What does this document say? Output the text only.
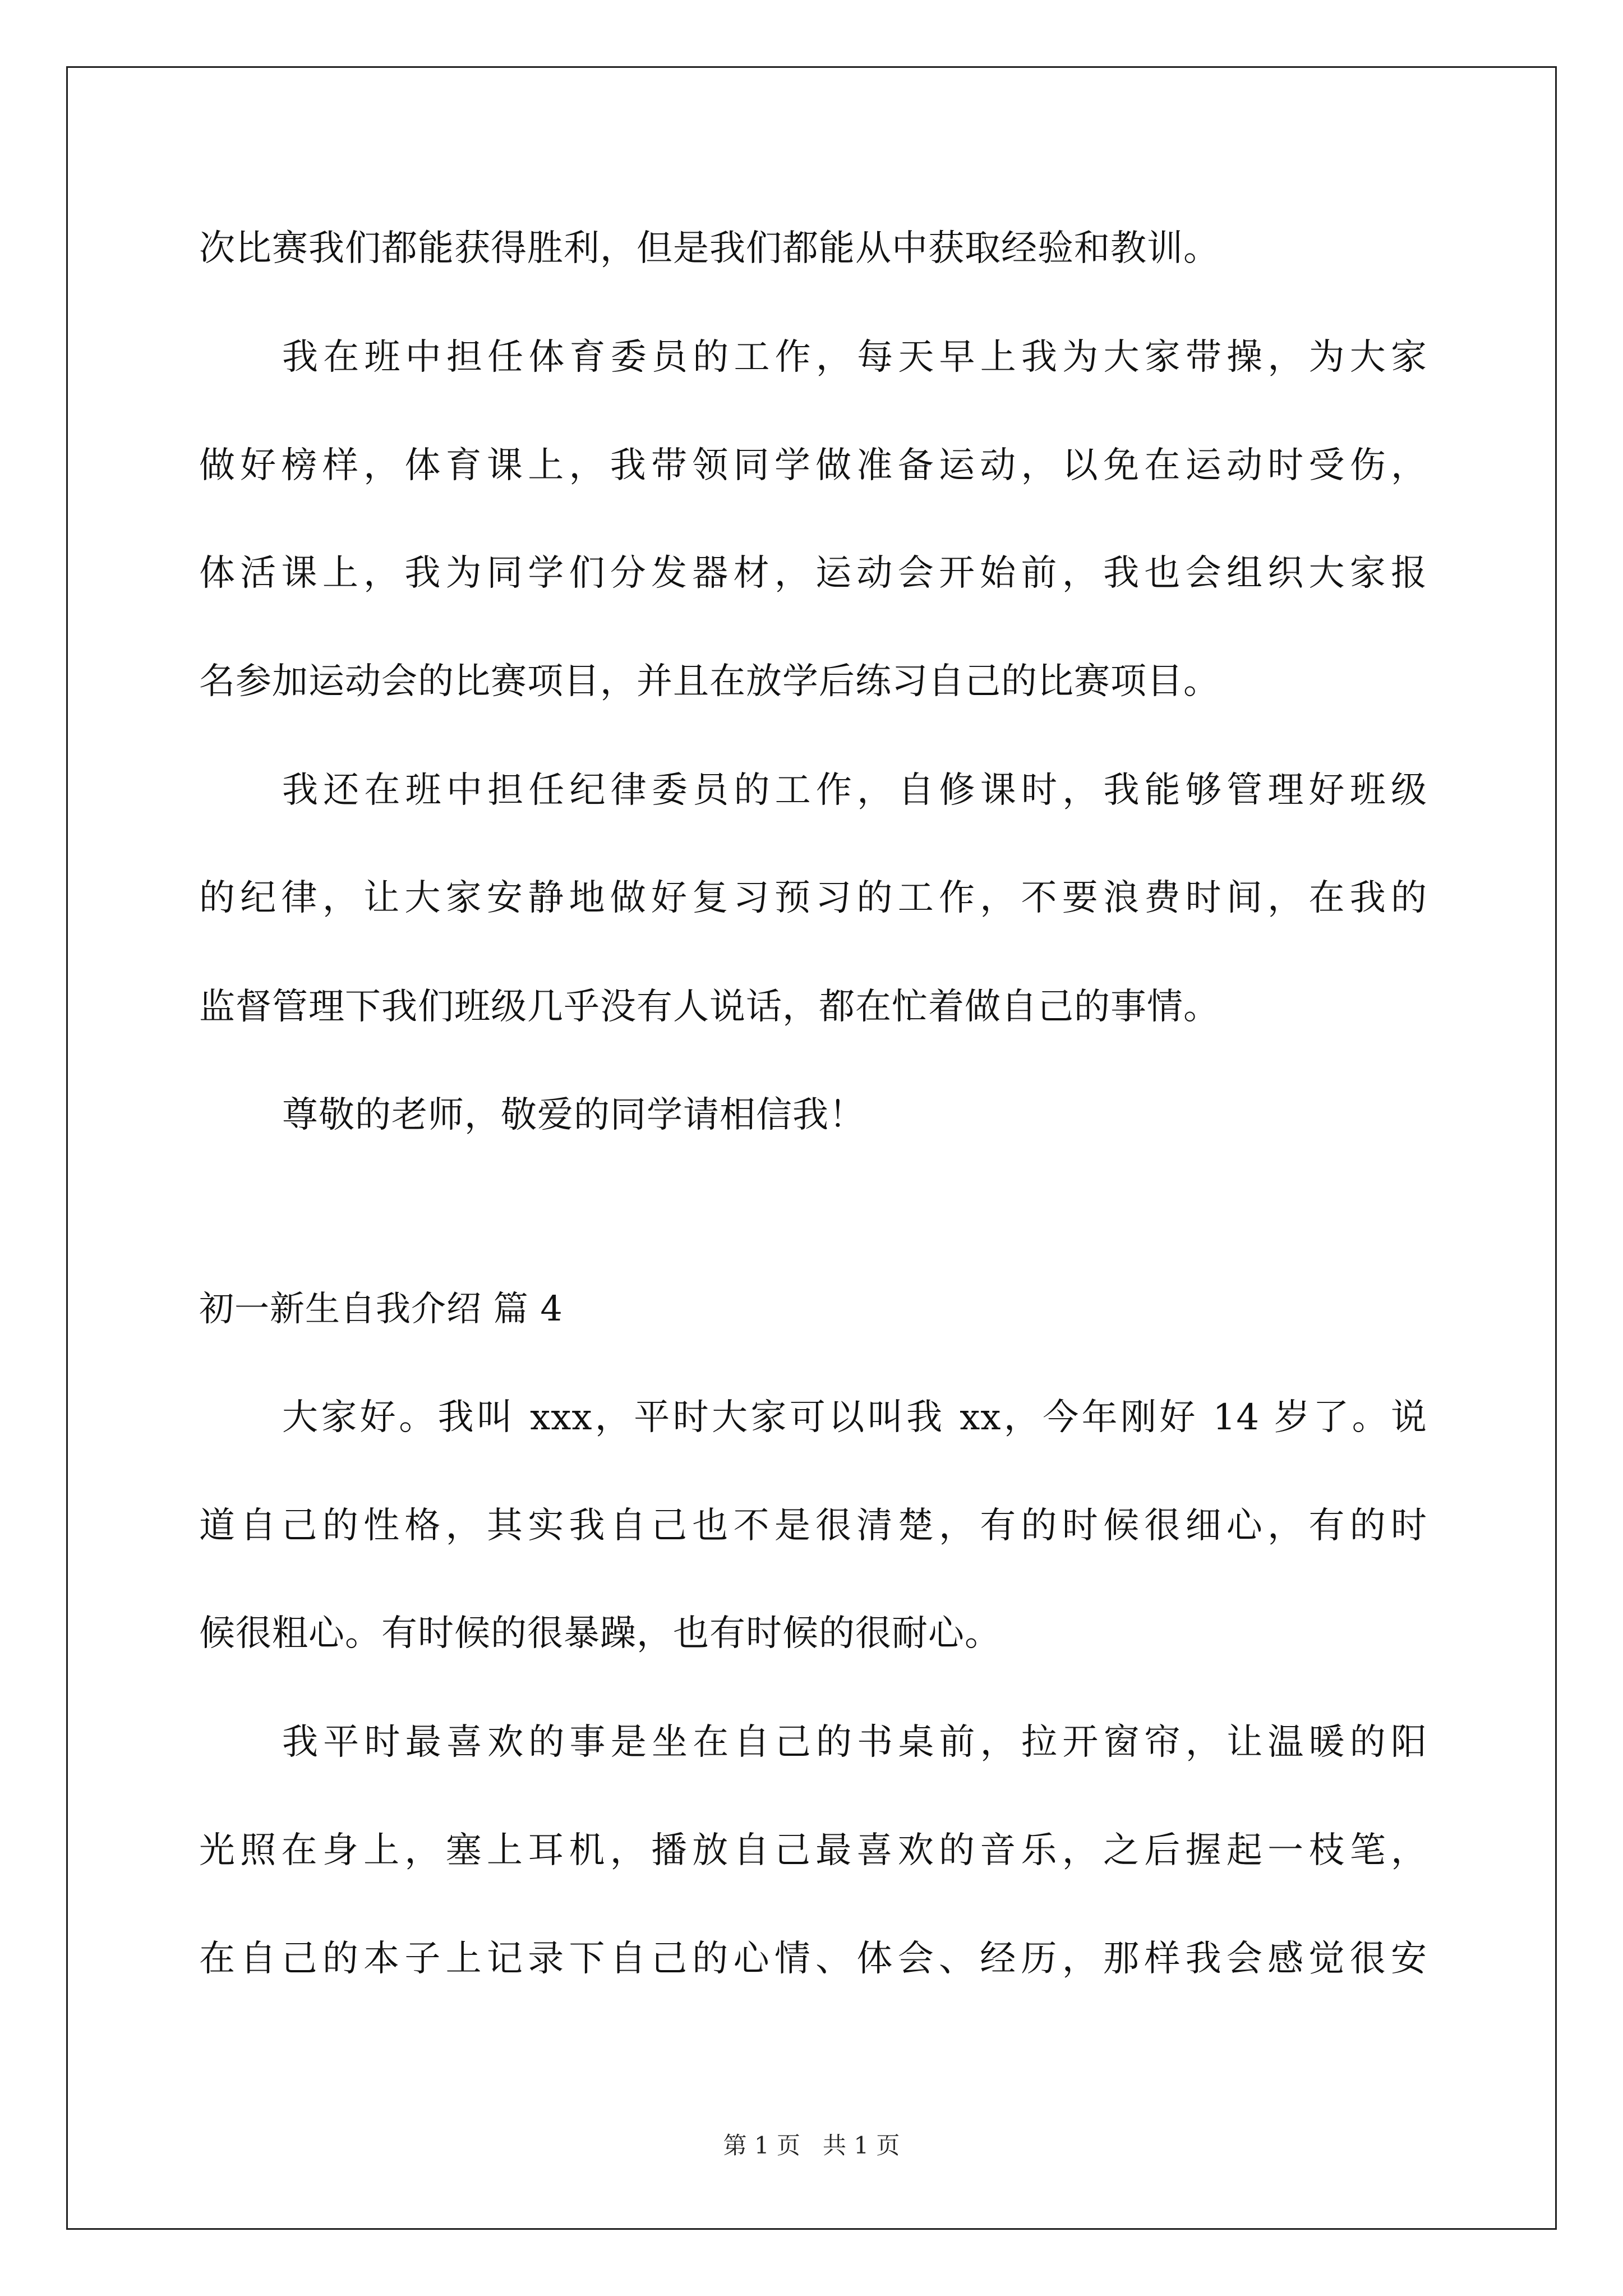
次比赛我们都能获得胜利，但是我们都能从中获取经验和教训。
我在班中担任体育委员的工作，每天早上我为大家带操，为大家
做好榜样，体育课上，我带领同学做准备运动，以免在运动时受伤，
体活课上，我为同学们分发器材，运动会开始前，我也会组织大家报
名参加运动会的比赛项目，并且在放学后练习自己的比赛项目。
我还在班中担任纪律委员的工作，自修课时，我能够管理好班级
的纪律，让大家安静地做好复习预习的工作，不要浪费时间，在我的
监督管理下我们班级几乎没有人说话，都在忙着做自己的事情。
尊敬的老师，敬爱的同学请相信我！
初一新生自我介绍 篇 4
大家好。我叫 xxx，平时大家可以叫我 xx，今年刚好 14 岁了。说
道自己的性格，其实我自己也不是很清楚，有的时候很细心，有的时
候很粗心。有时候的很暴躁，也有时候的很耐心。
我平时最喜欢的事是坐在自己的书桌前，拉开窗帘，让温暖的阳
光照在身上，塞上耳机，播放自己最喜欢的音乐，之后握起一枝笔，
在自己的本子上记录下自己的心情、体会、经历，那样我会感觉很安
第 1 页 共 1 页
